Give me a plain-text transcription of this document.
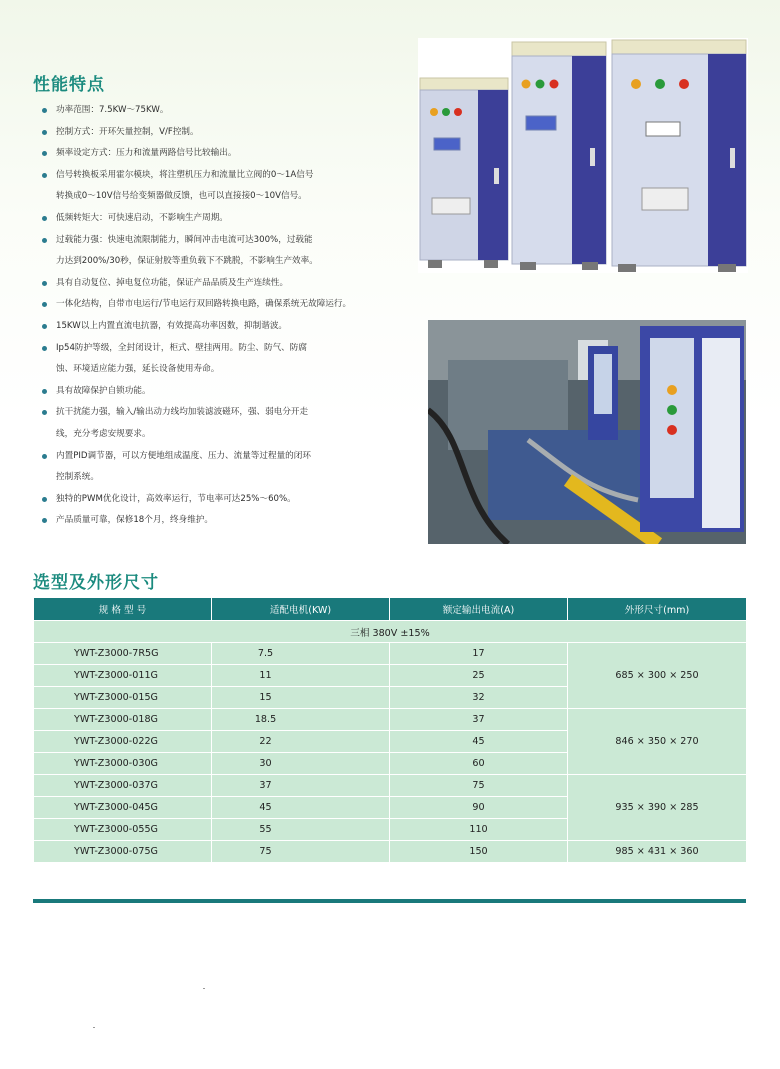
性能特点
功率范围：7.5KW～75KW。
控制方式：开环矢量控制，V/F控制。
频率设定方式：压力和流量两路信号比较输出。
信号转换板采用霍尔模块，将注塑机压力和流量比立阀的0～1A信号
转换成0～10V信号给变频器做反馈，也可以直接接0～10V信号。
低频转矩大：可快速启动，不影响生产周期。
过载能力强：快速电流限制能力，瞬间冲击电流可达300%，过载能
力达到200%/30秒，保证射胶等重负载下不跳脱，不影响生产效率。
具有自动复位、掉电复位功能，保证产品品质及生产连续性。
一体化结构，自带市电运行/节电运行双回路转换电路，确保系统无故障运行。
15KW以上内置直流电抗器，有效提高功率因数，抑制谐波。
Ip54防护等级，全封闭设计，柜式、壁挂两用。防尘、防气、防腐
蚀、环境适应能力强，延长设备使用寿命。
具有故障保护自锁功能。
抗干扰能力强，输入/输出动力线均加装滤波磁环，强、弱电分开走
线，充分考虑安规要求。
内置PID调节器，可以方便地组成温度、压力、流量等过程量的闭环
控制系统。
独特的PWM优化设计，高效率运行，节电率可达25%～60%。
产品质量可靠，保修18个月，终身维护。
选型及外形尺寸
规 格 型 号	适配电机(KW)	额定输出电流(A)	外形尺寸(mm)
三相 380V ±15%			
YWT-Z3000-7R5G	7.5	17	685 × 300 × 250
YWT-Z3000-011G	11	25	
YWT-Z3000-015G	15	32	
YWT-Z3000-018G	18.5	37	846 × 350 × 270
YWT-Z3000-022G	22	45	
YWT-Z3000-030G	30	60	
YWT-Z3000-037G	37	75	935 × 390 × 285
YWT-Z3000-045G	45	90	
YWT-Z3000-055G	55	110	
YWT-Z3000-075G	75	150	985 × 431 × 360
